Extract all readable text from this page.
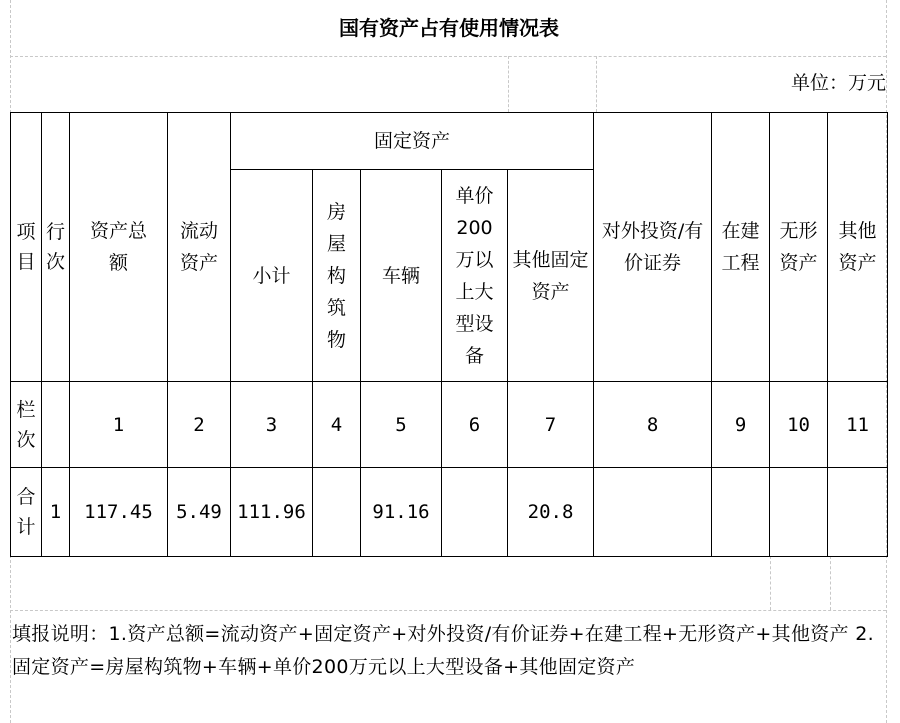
国有资产占有使用情况表
单位：万元
项目	行次	资产总额	流动资产	固定资产					对外投资/有价证券	在建工程	无形资产	其他资产

				小计	房屋构筑物	车辆	单价200万以上大型设备	其他固定资产				

栏次		1	2	3	4	5	6	7	8	9	10	11

合计	1	117.45	5.49	111.96		91.16		20.8				
填报说明：1.资产总额=流动资产+固定资产+对外投资/有价证券+在建工程+无形资产+其他资产 2.固定资产=房屋构筑物+车辆+单价200万元以上大型设备+其他固定资产
